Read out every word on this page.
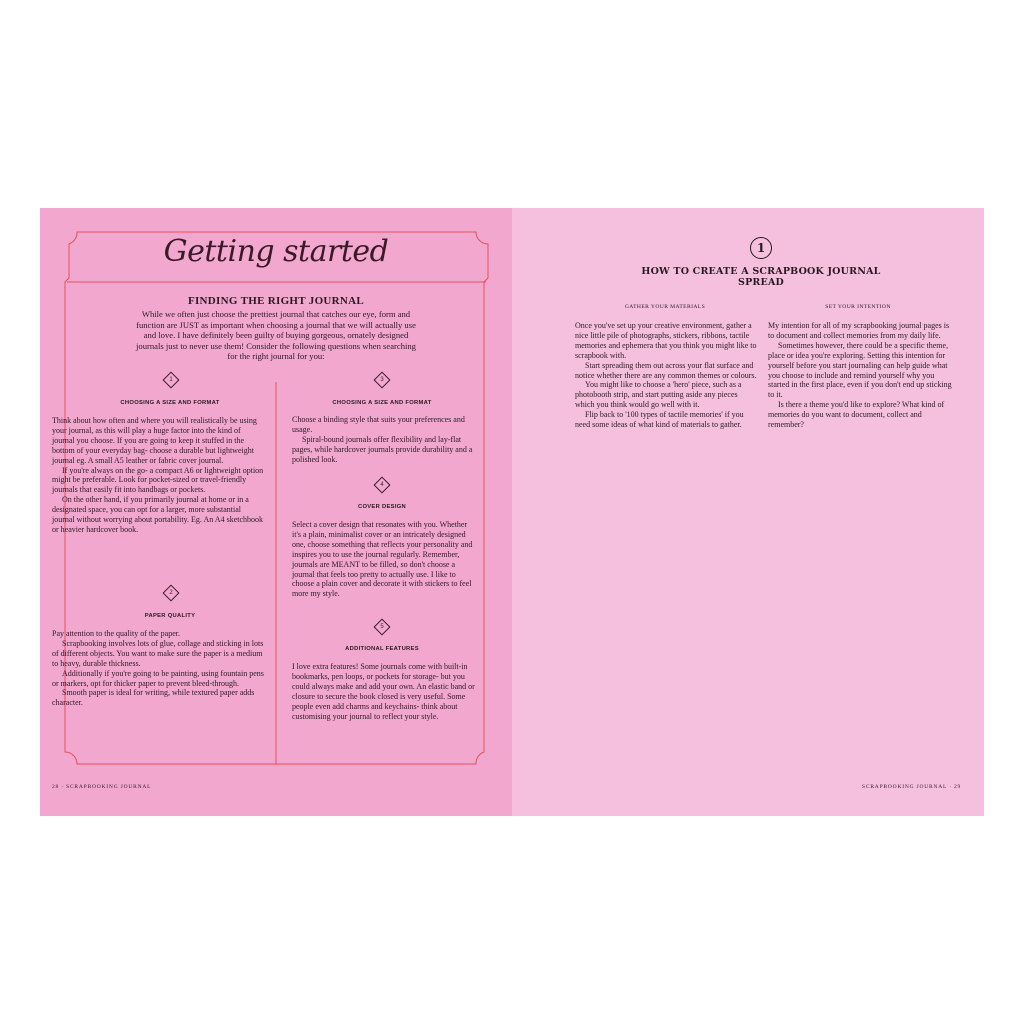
Getting started
FINDING THE RIGHT JOURNAL
While we often just choose the prettiest journal that catches our eye, form and function are JUST as important when choosing a journal that we will actually use and love. I have definitely been guilty of buying gorgeous, ornately designed journals just to never use them! Consider the following questions when searching for the right journal for you:
1
CHOOSING A SIZE AND FORMAT

Think about how often and where you will realistically be using your journal, as this will play a huge factor into the kind of journal you choose. If you are going to keep it stuffed in the bottom of your everyday bag- choose a durable but lightweight journal eg. A small A5 leather or fabric cover journal.

If you're always on the go- a compact A6 or lightweight option might be preferable. Look for pocket-sized or travel-friendly journals that easily fit into handbags or pockets.

On the other hand, if you primarily journal at home or in a designated space, you can opt for a larger, more substantial journal without worrying about portability. Eg. An A4 sketchbook or heavier hardcover book.

2
PAPER QUALITY

Pay attention to the quality of the paper.

Scrapbooking involves lots of glue, collage and sticking in lots of different objects. You want to make sure the paper is a medium to heavy, durable thickness.

Additionally if you're going to be painting, using fountain pens or markers, opt for thicker paper to prevent bleed-through.

Smooth paper is ideal for writing, while textured paper adds character.

3
CHOOSING A SIZE AND FORMAT

Choose a binding style that suits your preferences and usage.

Spiral-bound journals offer flexibility and lay-flat pages, while hardcover journals provide durability and a polished look.

4
COVER DESIGN

Select a cover design that resonates with you. Whether it's a plain, minimalist cover or an intricately designed one, choose something that reflects your personality and inspires you to use the journal regularly. Remember, journals are MEANT to be filled, so don't choose a journal that feels too pretty to actually use. I like to choose a plain cover and decorate it with stickers to feel more my style.

5
ADDITIONAL FEATURES

I love extra features! Some journals come with built-in bookmarks, pen loops, or pockets for storage- but you could always make and add your own. An elastic band or closure to secure the book closed is very useful. Some people even add charms and keychains- think about customising your journal to reflect your style.

28 · SCRAPBOOKING JOURNAL
1
HOW TO CREATE A SCRAPBOOK JOURNAL SPREAD
GATHER YOUR MATERIALS

Once you've set up your creative environment, gather a nice little pile of photographs, stickers, ribbons, tactile memories and ephemera that you think you might like to scrapbook with.

Start spreading them out across your flat surface and notice whether there are any common themes or colours.

You might like to choose a 'hero' piece, such as a photobooth strip, and start putting aside any pieces which you think would go well with it.

Flip back to '100 types of tactile memories' if you need some ideas of what kind of materials to gather.

SET YOUR INTENTION

My intention for all of my scrapbooking journal pages is to document and collect memories from my daily life.

Sometimes however, there could be a specific theme, place or idea you're exploring. Setting this intention for yourself before you start journaling can help guide what you choose to include and remind yourself why you started in the first place, even if you don't end up sticking to it.

Is there a theme you'd like to explore? What kind of memories do you want to document, collect and remember?

SCRAPBOOKING JOURNAL · 29
